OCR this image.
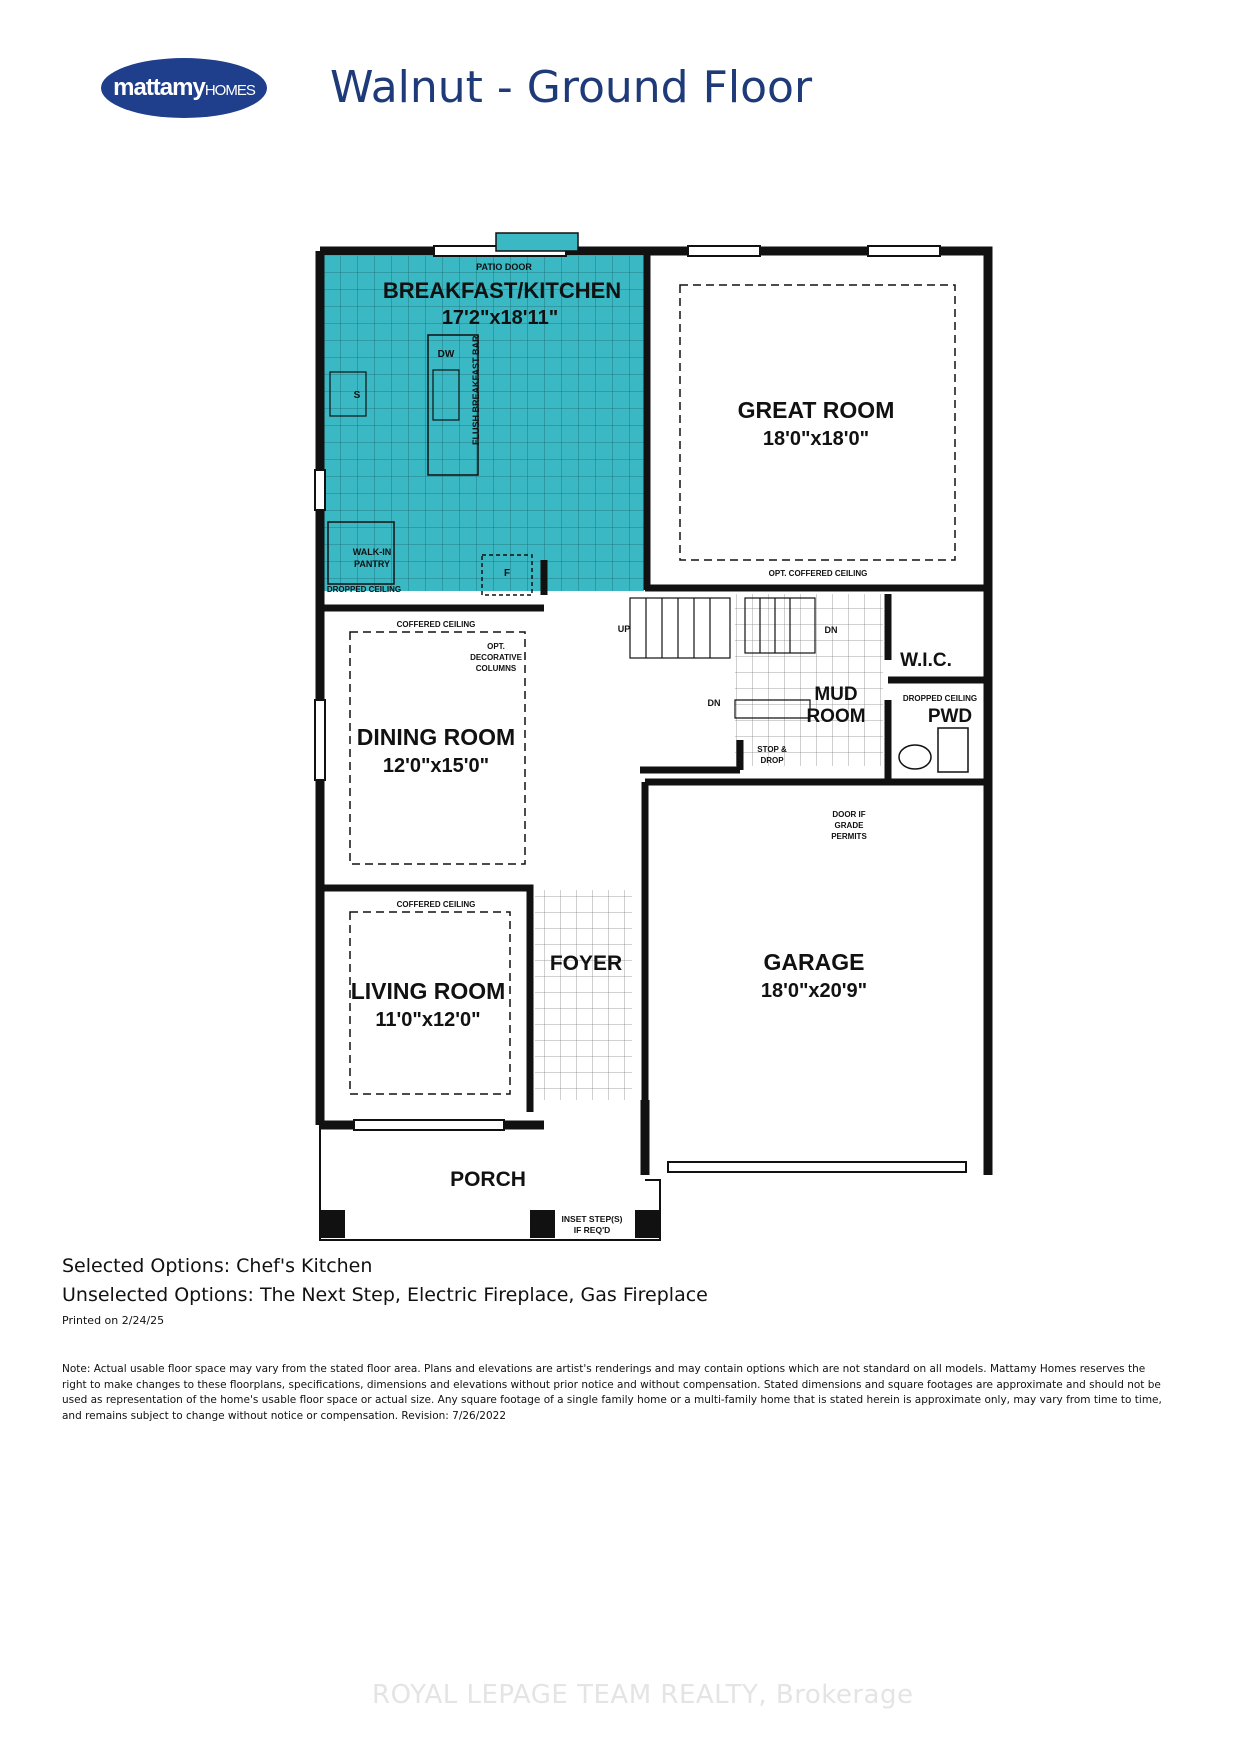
mattamyHOMES Walnut - Ground Floor
BREAKFAST/KITCHEN
17'2"x18'11"
PATIO DOOR
DW
S
F
FLUSH BREAKFAST BAR
WALK-IN
PANTRY
DROPPED CEILING
GREAT ROOM
18'0"x18'0"
OPT. COFFERED CEILING
COFFERED CEILING
OPT.
DECORATIVE
COLUMNS
DINING ROOM
12'0"x15'0"
UP	DN
DN	MUD
ROOM
W.I.C.
DROPPED CEILING
PWD
STOP &
DROP
DOOR IF
GRADE
PERMITS
COFFERED CEILING
LIVING ROOM
11'0"x12'0"
FOYER	GARAGE
18'0"x20'9"
PORCH
INSET STEP(S)
IF REQ'D
Selected Options: Chef's Kitchen
Unselected Options: The Next Step, Electric Fireplace, Gas Fireplace
Printed on 2/24/25
Note: Actual usable floor space may vary from the stated floor area. Plans and elevations are artist's renderings and may contain options which are not standard on all models. Mattamy Homes reserves the right to make changes to these floorplans, specifications, dimensions and elevations without prior notice and without compensation. Stated dimensions and square footages are approximate and should not be used as representation of the home's usable floor space or actual size. Any square footage of a single family home or a multi-family home that is stated herein is approximate only, may vary from time to time, and remains subject to change without notice or compensation. Revision: 7/26/2022
ROYAL LEPAGE TEAM REALTY, Brokerage
